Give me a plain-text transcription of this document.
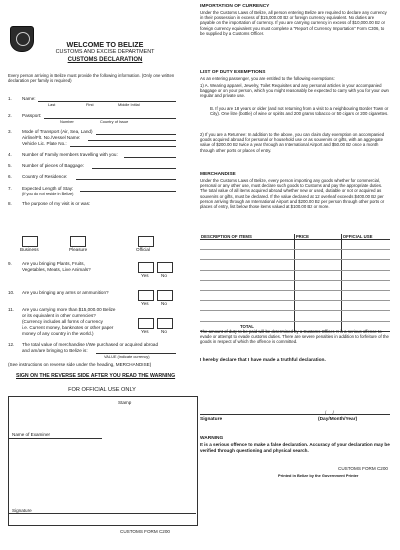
WELCOME TO BELIZE
CUSTOMS AND EXCISE DEPARTMENT
CUSTOMS DECLARATION
Every person arriving in Belize must provide the following information. (Only one written declaration per family is required)
1. Name:
Last	First	Middle Initial
2. Passport:
Number	Country of Issue
3. Mode of Transport (Air, Sea, Land)
Airline/Flt. No./Vessel Name:
Vehicle Lic. Plate No.:
4. Number of Family members travelling with you:
5. Number of pieces of Baggage:
6. Country of Residence:
7. Expected Length of Stay:
(If you do not reside in Belize)
8. The purpose of my visit is or was:
Business	Pleasure	Official
9. Are you bringing Plants, Fruits,
Vegetables, Meats, Live Animals?
Yes	No
10. Are you bringing any arms or ammunition?
Yes	No
11. Are you carrying more than $15,000.00 Belize
or its equivalent in other currencies?
(Currency includes all forms of currency
i.e. Current money, banknotes or other paper
money of any country in the world.)	Yes	No
12. The total value of merchandise I/We purchased or acquired abroad
and am/are bringing to Belize is:
VALUE (indicate currency)
(See instructions on reverse side under the heading, MERCHANDISE)
SIGN ON THE REVERSE SIDE AFTER YOU READ THE WARNING
FOR OFFICIAL USE ONLY
Stamp
Name of Examiner
Signature
CUSTOMS FORM C200
IMPORTATION OF CURRENCY
Under the Customs Laws of Belize, all person entering Belize are required to declare any currency in their possession in excess of $15,000.00 Bz or foreign currency equivalent. No duties are payable on the importation of currency. If you are carrying currency in excess of $10,000.00 Bz or foreign currency equivalent you must complete a "Report of Currency Importation" Form C306, to be supplied by a Customs Officer.
LIST OF DUTY EXEMPTIONS
As an entering passenger, you are entitled to the following exemptions:
1) A. Wearing apparel, Jewelry, Toilet Requisites and any personal articles in your accompanied baggage or on your person, which you might reasonably be expected to carry with you for your own regular and private use.
B. If you are 18 years or older (and not returning from a visit to a neighbouring Border Town or City). One litre (bottle) of wine or spirits and 200 grams tobacco or 50 cigars or 200 cigarettes.
2) If you are a Returnee: In addition to the above, you can claim duty exemption on accompanied goods acquired abroad for personal or household use or as souvenirs or gifts, with an aggregate value of $200.00 Bz twice a year through an International Airport and $50.00 Bz once a month through other ports or places of entry.
MERCHANDISE
Under the Customs Laws of Belize, every person importing any goods whether for commercial, personal or any other use, must declare such goods to Customs and pay the appropriate duties. The total value of all items acquired abroad whether new or used, dutiable or not or acquired as souvenirs or gifts, must be declared. If the value declared at 12 overleaf exceeds $400.00 Bz per person arriving through an International Airport and $200.00 Bz per person through other ports or places of entry, list below those items valued at $100.00 Bz or more.
DESCRIPTION OF ITEMS	PRICE	OFFICIAL USE

TOTAL		
The amount of duty to be paid will be determined by a Customs Officer. It is a serious offence to evade or attempt to evade customs duties. There are severe penalties in addition to forfeiture of the goods in respect of which the offence is committed.
I hereby declare that I have made a truthful declaration.
/     /
Signature	(Day/Month/Year)
WARNING
It is a serious offence to make a false declaration. Accuracy of your declaration may be verified through questioning and physical search.
CUSTOMS FORM C200
Printed in Belize by the Government Printer
